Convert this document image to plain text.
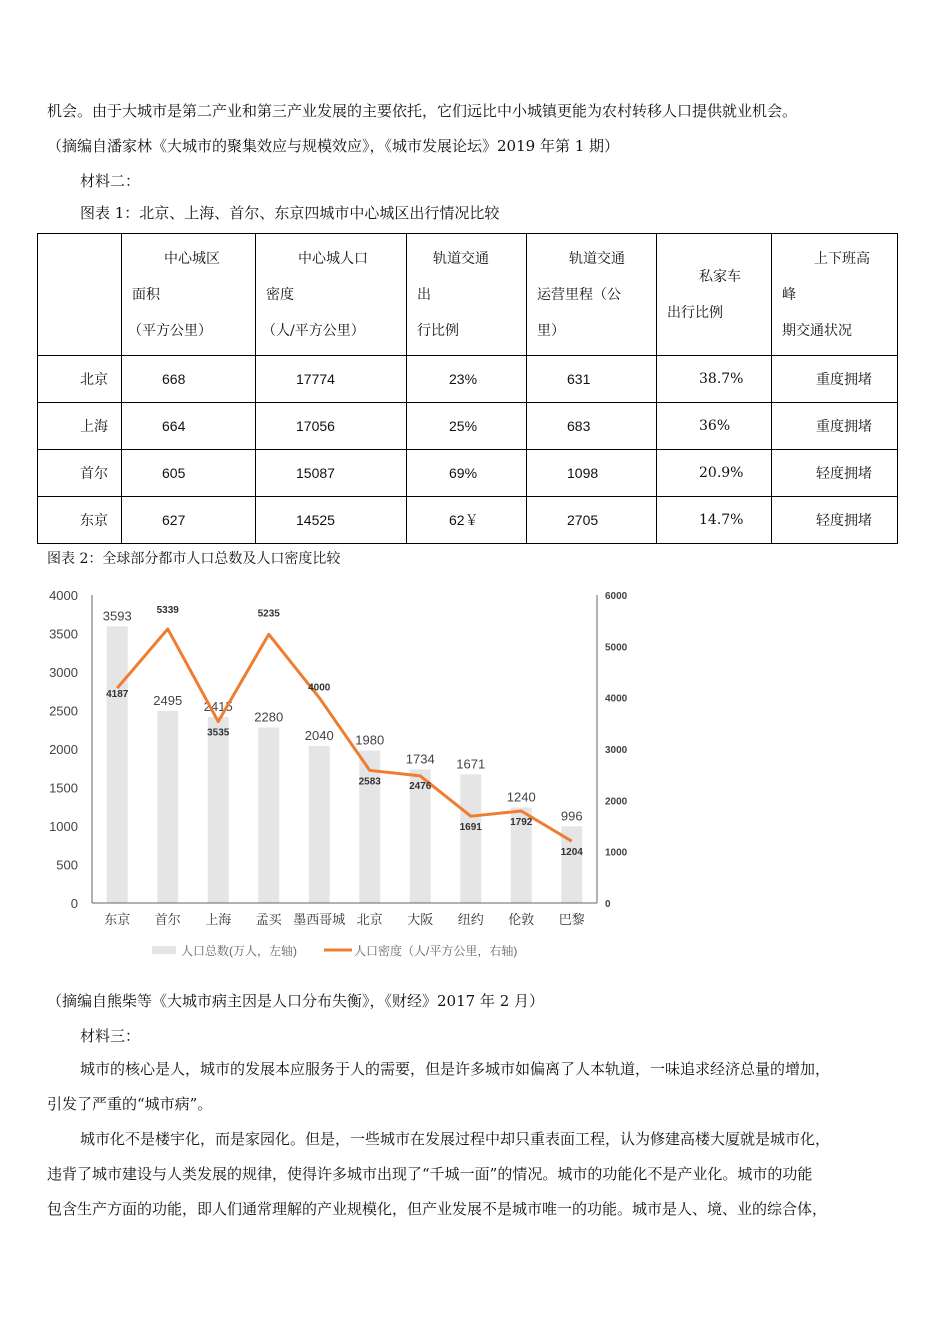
机会。由于大城市是第二产业和第三产业发展的主要依托，它们远比中小城镇更能为农村转移人口提供就业机会。
（摘编自潘家林《大城市的聚集效应与规模效应》，《城市发展论坛》2019 年第 1 期）
材料二：
图表 1：北京、上海、首尔、东京四城市中心城区出行情况比较

	中心城区
面积
（平方公里）	中心城人口
密度
（人/平方公里）	轨道交通
出
行比例	轨道交通
运营里程（公
里）	私家车
出行比例	上下班高
峰
期交通状况

北京	668	17774	23%	631	38.7%	重度拥堵
上海	664	17056	25%	683	36%	重度拥堵
首尔	605	15087	69%	1098	20.9%	轻度拥堵
东京	627	14525	62￥	2705	14.7%	轻度拥堵
图表 2：全球部分都市人口总数及人口密度比较
0
500
1000
1500
2000
2500
3000
3500
4000
0
1000
2000
3000
4000
5000
6000
3593
2495 2415
2280
2040 1980
1734 1671
1240
996
4187
5339
3535
5235
4000
2583	2476
1691	1792
1204
东京 首尔 上海 孟买 墨西哥城 北京 大阪 纽约 伦敦 巴黎
人口总数(万人，左轴)	人口密度（人/平方公里，右轴)
（摘编自熊柴等《大城市病主因是人口分布失衡》，《财经》2017 年 2 月）
材料三：
城市的核心是人，城市的发展本应服务于人的需要，但是许多城市如偏离了人本轨道，一味追求经济总量的增加，
引发了严重的“城市病”。
城市化不是楼宇化，而是家园化。但是，一些城市在发展过程中却只重表面工程，认为修建高楼大厦就是城市化，
违背了城市建设与人类发展的规律，使得许多城市出现了“千城一面”的情况。城市的功能化不是产业化。城市的功能
包含生产方面的功能，即人们通常理解的产业规模化，但产业发展不是城市唯一的功能。城市是人、境、业的综合体，
